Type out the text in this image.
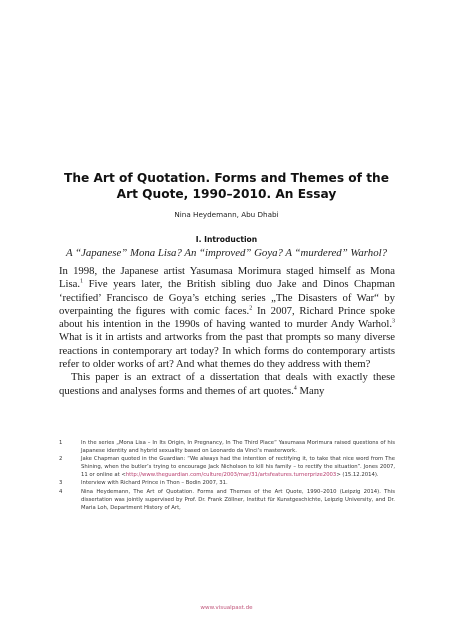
The Art of Quotation. Forms and Themes of the
Art Quote, 1990–2010. An Essay
Nina Heydemann, Abu Dhabi
I. Introduction
A “Japanese” Mona Lisa? An “improved” Goya? A “murdered” Warhol?

In 1998, the Japanese artist Yasumasa Morimura staged himself as Mona Lisa.$^1$ Five years later, the British sibling duo Jake and Dinos Chapman ‘rectified’ Francisco de Goya’s etching series „The Disasters of War“ by overpainting the figures with comic faces.$^2$ In 2007, Richard Prince spoke about his intention in the 1990s of having wanted to murder Andy Warhol.$^3$ What is it in artists and artworks from the past that prompts so many diverse reactions in contemporary art today? In which forms do contemporary artists refer to older works of art? And what themes do they address with them?

This paper is an extract of a dissertation that deals with exactly these questions and analyses forms and themes of art quotes.$^4$ Many

1	In the series „Mona Lisa – In Its Origin, In Pregnancy, In The Third Place“ Yasumasa Morimura raised questions of his Japanese identity and hybrid sexuality based on Leonardo da Vinci’s masterwork.
2	Jake Chapman quoted in the Guardian: “We always had the intention of rectifying it, to take that nice word from The Shining, when the butler’s trying to encourage Jack Nicholson to kill his family – to rectify the situation”. Jones 2007, 11 or online at <http://www.theguardian.com/culture/2003/mar/31/artsfeatures.turnerprize2003> (15.12.2014).
3	Interview with Richard Prince in Thon – Bodin 2007, 31.
4	Nina Heydemann, The Art of Quotation. Forms and Themes of the Art Quote, 1990–2010 (Leipzig 2014). This dissertation was jointly supervised by Prof. Dr. Frank Zöllner, Institut für Kunstgeschichte, Leipzig University, and Dr. Maria Loh, Department History of Art,
www.visualpast.de
